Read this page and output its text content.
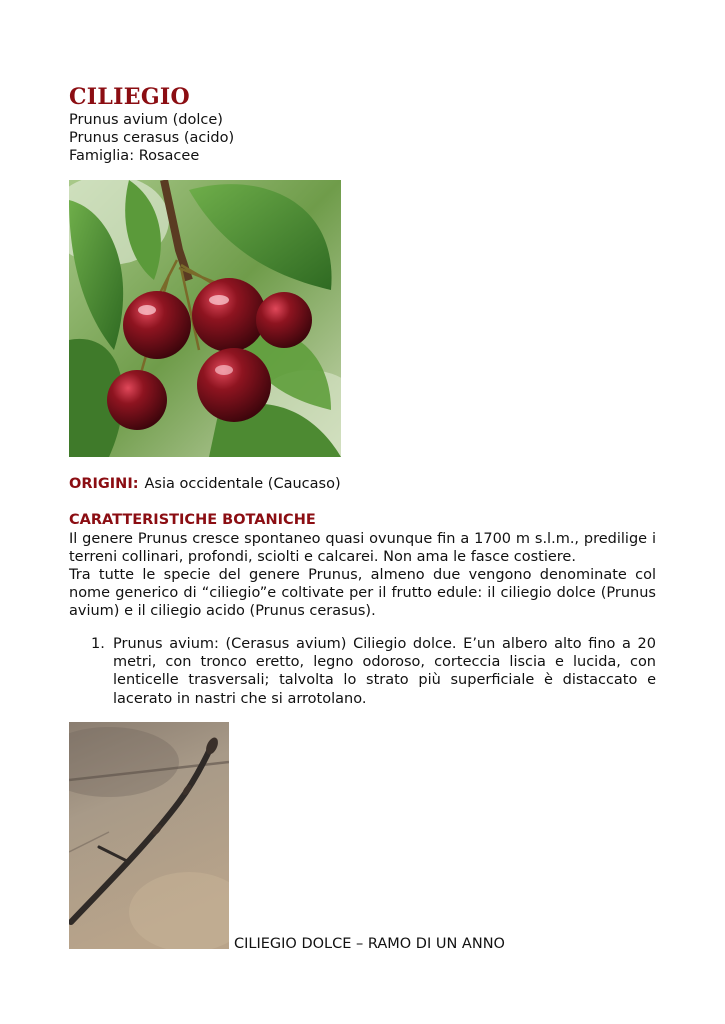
CILIEGIO
Prunus avium (dolce)
Prunus cerasus (acido)
Famiglia: Rosacee
ORIGINI: Asia occidentale (Caucaso)
CARATTERISTICHE BOTANICHE

Il genere Prunus cresce spontaneo quasi ovunque fin a 1700 m s.l.m., predilige i terreni collinari, profondi, sciolti e calcarei. Non ama le fasce costiere.

Tra tutte le specie del genere Prunus, almeno due vengono denominate col nome generico di “ciliegio”e coltivate per il frutto edule: il ciliegio dolce (Prunus avium) e il ciliegio acido (Prunus cerasus).

1. Prunus avium: (Cerasus avium) Ciliegio dolce. E’un albero alto fino a 20 metri, con tronco eretto, legno odoroso, corteccia liscia e lucida, con lenticelle trasversali; talvolta lo strato più superficiale è distaccato e lacerato in nastri che si arrotolano.
CILIEGIO DOLCE – RAMO DI UN ANNO
